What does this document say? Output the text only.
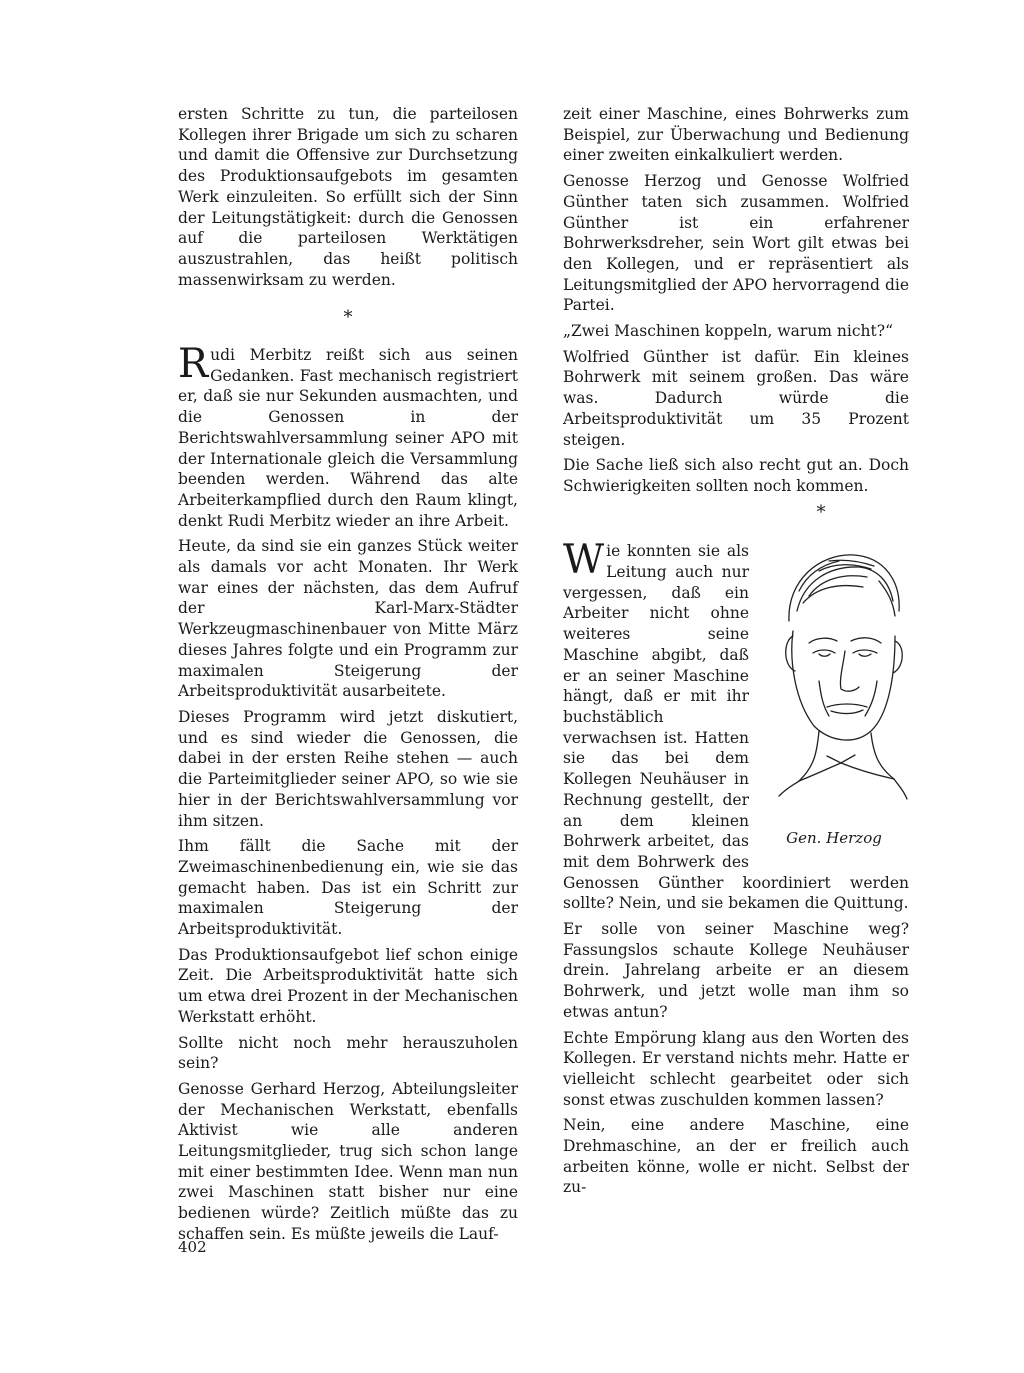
ersten Schritte zu tun, die parteilosen Kollegen ihrer Brigade um sich zu scharen und damit die Offensive zur Durchsetzung des Produktionsaufgebots im gesamten Werk einzuleiten. So erfüllt sich der Sinn der Leitungstätigkeit: durch die Genossen auf die parteilosen Werktätigen auszustrahlen, das heißt politisch massenwirksam zu werden.

*

Rudi Merbitz reißt sich aus seinen Gedanken. Fast mechanisch registriert er, daß sie nur Sekunden ausmachten, und die Genossen in der Berichtswahlversammlung seiner APO mit der Internationale gleich die Versammlung beenden werden. Während das alte Arbeiterkampflied durch den Raum klingt, denkt Rudi Merbitz wieder an ihre Arbeit.

Heute, da sind sie ein ganzes Stück weiter als damals vor acht Monaten. Ihr Werk war eines der nächsten, das dem Aufruf der Karl-Marx-Städter Werkzeugmaschinenbauer von Mitte März dieses Jahres folgte und ein Programm zur maximalen Steigerung der Arbeitsproduktivität ausarbeitete.

Dieses Programm wird jetzt diskutiert, und es sind wieder die Genossen, die dabei in der ersten Reihe stehen — auch die Parteimitglieder seiner APO, so wie sie hier in der Berichtswahlversammlung vor ihm sitzen.

Ihm fällt die Sache mit der Zweimaschinenbedienung ein, wie sie das gemacht haben. Das ist ein Schritt zur maximalen Steigerung der Arbeitsproduktivität.

Das Produktionsaufgebot lief schon einige Zeit. Die Arbeitsproduktivität hatte sich um etwa drei Prozent in der Mechanischen Werkstatt erhöht.

Sollte nicht noch mehr herauszuholen sein?

Genosse Gerhard Herzog, Abteilungsleiter der Mechanischen Werkstatt, ebenfalls Aktivist wie alle anderen Leitungsmitglieder, trug sich schon lange mit einer bestimmten Idee. Wenn man nun zwei Maschinen statt bisher nur eine bedienen würde? Zeitlich müßte das zu schaffen sein. Es müßte jeweils die Lauf-

zeit einer Maschine, eines Bohrwerks zum Beispiel, zur Überwachung und Bedienung einer zweiten einkalkuliert werden.

Genosse Herzog und Genosse Wolfried Günther taten sich zusammen. Wolfried Günther ist ein erfahrener Bohrwerksdreher, sein Wort gilt etwas bei den Kollegen, und er repräsentiert als Leitungsmitglied der APO hervorragend die Partei.

„Zwei Maschinen koppeln, warum nicht?“

Wolfried Günther ist dafür. Ein kleines Bohrwerk mit seinem großen. Das wäre was. Dadurch würde die Arbeitsproduktivität um 35 Prozent steigen.

Die Sache ließ sich also recht gut an. Doch Schwierigkeiten sollten noch kommen.

*
Gen. Herzog

Wie konnten sie als Leitung auch nur vergessen, daß ein Arbeiter nicht ohne weiteres seine Maschine abgibt, daß er an seiner Maschine hängt, daß er mit ihr buchstäblich verwachsen ist. Hatten sie das bei dem Kollegen Neuhäuser in Rechnung gestellt, der an dem kleinen Bohrwerk arbeitet, das mit dem Bohrwerk des Genossen Günther koordiniert werden sollte? Nein, und sie bekamen die Quittung.

Er solle von seiner Maschine weg? Fassungslos schaute Kollege Neuhäuser drein. Jahrelang arbeite er an diesem Bohrwerk, und jetzt wolle man ihm so etwas antun?

Echte Empörung klang aus den Worten des Kollegen. Er verstand nichts mehr. Hatte er vielleicht schlecht gearbeitet oder sich sonst etwas zuschulden kommen lassen?

Nein, eine andere Maschine, eine Drehmaschine, an der er freilich auch arbeiten könne, wolle er nicht. Selbst der zu-

402
